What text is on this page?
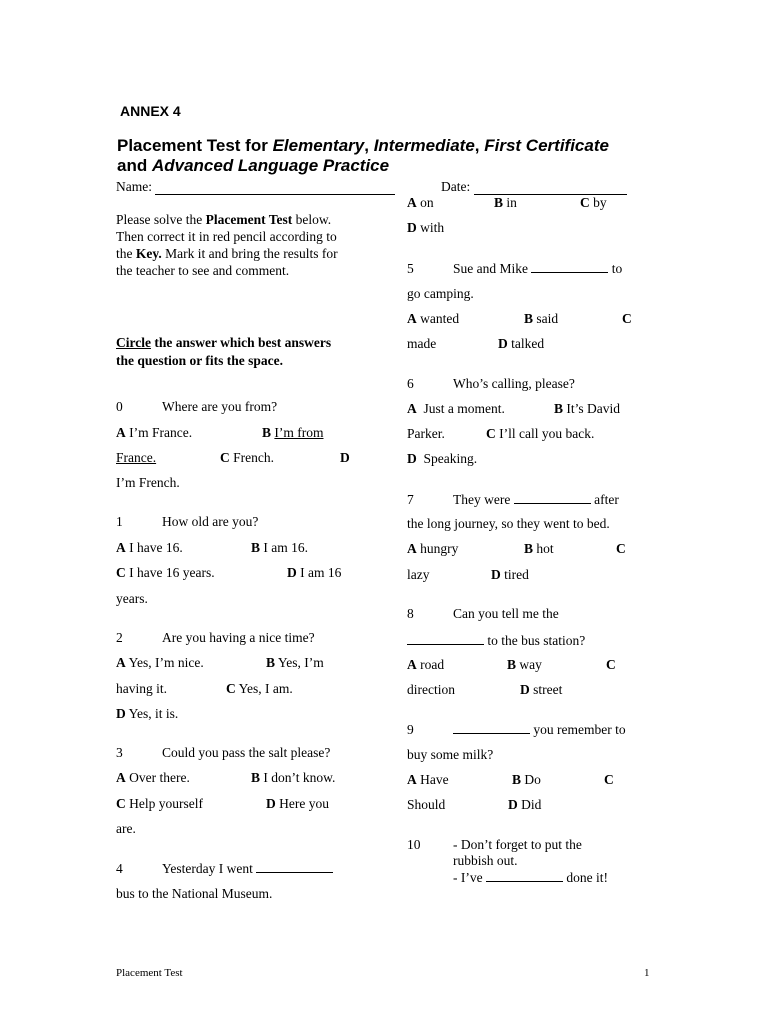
ANNEX 4
Placement Test for Elementary, Intermediate, First Certificate
and Advanced Language Practice
Name:	Date:
Please solve the Placement Test below. Then correct it in red pencil according to the Key. Mark it and bring the results for the teacher to see and comment.
Circle the answer which best answers the question or fits the space.
0	Where are you from?
A I’m France.	B I’m from
France.	C French.	D
I’m French.
1	How old are you?
A I have 16.	B I am 16.
C I have 16 years.	D I am 16
years.
2	Are you having a nice time?
A Yes, I’m nice.	B Yes, I’m
having it.	C Yes, I am.
D Yes, it is.
3	Could you pass the salt please?
A Over there.	B I don’t know.
C Help yourself	D Here you
are.
4	Yesterday I went
bus to the National Museum.
A on	B in	C by
D with
5	Sue and Mike	to
go camping.
A wanted	B said	C
made	D talked
6	Who’s calling, please?
A Just a moment.	B It’s David
Parker.	C I’ll call you back.
D Speaking.
7	They were	after
the long journey, so they went to bed.
A hungry	B hot	C
lazy	D tired
8	Can you tell me the
to the bus station?
A road	B way	C
direction	D street
9	you remember to
buy some milk?
A Have	B Do	C
Should	D Did
10 - Don’t forget to put the
rubbish out.
- I’ve	done it!
Placement Test	1
